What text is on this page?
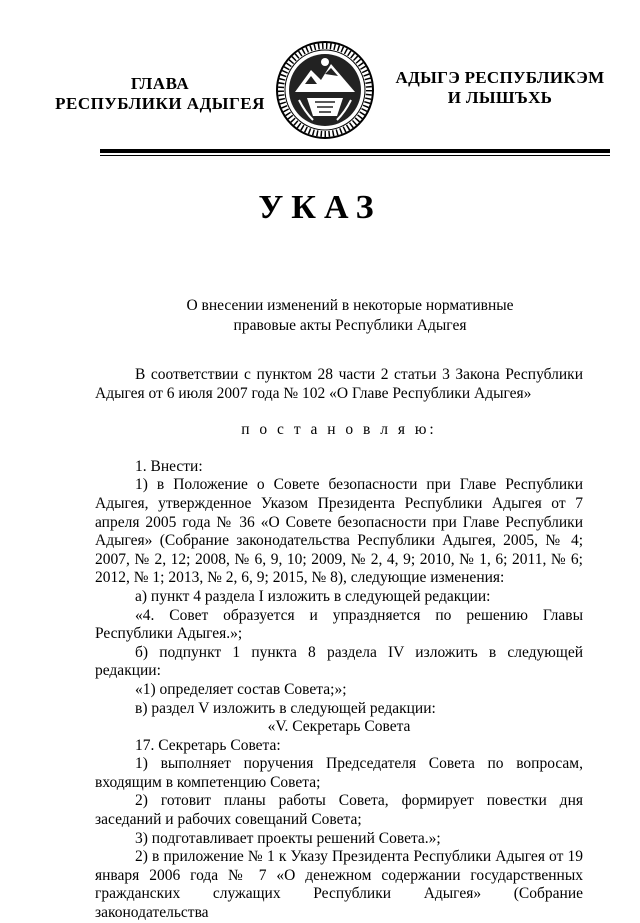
ГЛАВА
РЕСПУБЛИКИ АДЫГЕЯ
АДЫГЭ РЕСПУБЛИКЭМ
И ЛЫШЪХЬ
УКАЗ
О внесении изменений в некоторые нормативные
правовые акты Республики Адыгея

В соответствии с пунктом 28 части 2 статьи 3 Закона Республики Адыгея от 6 июля 2007 года № 102 «О Главе Республики Адыгея»

п о с т а н о в л я ю:

1. Внести:

1) в Положение о Совете безопасности при Главе Республики Адыгея, утвержденное Указом Президента Республики Адыгея от 7 апреля 2005 года № 36 «О Совете безопасности при Главе Республики Адыгея» (Собрание законодательства Республики Адыгея, 2005, № 4; 2007, № 2, 12; 2008, № 6, 9, 10; 2009, № 2, 4, 9; 2010, № 1, 6; 2011, № 6; 2012, № 1; 2013, № 2, 6, 9; 2015, № 8), следующие изменения:

а) пункт 4 раздела I изложить в следующей редакции:

«4. Совет образуется и упраздняется по решению Главы Республики Адыгея.»;

б) подпункт 1 пункта 8 раздела IV изложить в следующей редакции:

«1) определяет состав Совета;»;

в) раздел V изложить в следующей редакции:

«V. Секретарь Совета

17. Секретарь Совета:

1) выполняет поручения Председателя Совета по вопросам, входящим в компетенцию Совета;

2) готовит планы работы Совета, формирует повестки дня заседаний и рабочих совещаний Совета;

3) подготавливает проекты решений Совета.»;

2) в приложение № 1 к Указу Президента Республики Адыгея от 19 января 2006 года № 7 «О денежном содержании государственных гражданских служащих Республики Адыгея» (Собрание законодательства
